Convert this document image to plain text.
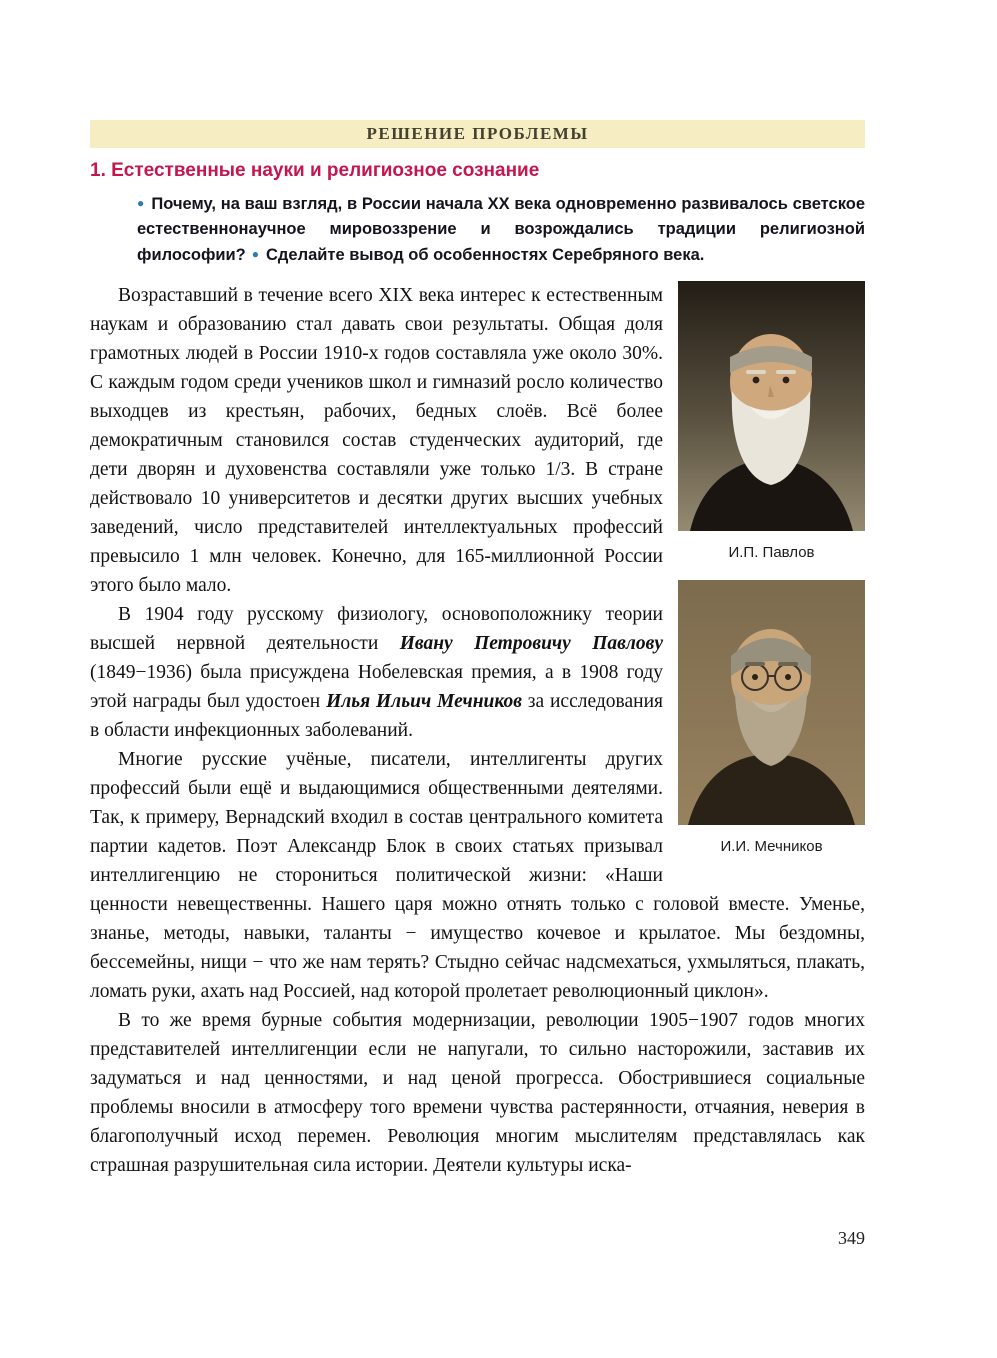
РЕШЕНИЕ ПРОБЛЕМЫ
1. Естественные науки и религиозное сознание

● Почему, на ваш взгляд, в России начала XX века одновременно развивалось светское естественнонаучное мировоззрение и возрождались традиции религиозной философии? ● Сделайте вывод об особенностях Серебряного века.

И.П. Павлов
И.И. Мечников

Возраставший в течение всего XIX века интерес к естественным наукам и образованию стал давать свои результаты. Общая доля грамотных людей в России 1910-х годов составляла уже около 30%. С каждым годом среди учеников школ и гимназий росло количество выходцев из крестьян, рабочих, бедных слоёв. Всё более демократичным становился состав студенческих аудиторий, где дети дворян и духовенства составляли уже только 1/3. В стране действовало 10 университетов и десятки других высших учебных заведений, число представителей интеллектуальных профессий превысило 1 млн человек. Конечно, для 165-миллионной России этого было мало.

В 1904 году русскому физиологу, основоположнику теории высшей нервной деятельности Ивану Петровичу Павлову (1849−1936) была присуждена Нобелевская премия, а в 1908 году этой награды был удостоен Илья Ильич Мечников за исследования в области инфекционных заболеваний.

Многие русские учёные, писатели, интеллигенты других профессий были ещё и выдающимися общественными деятелями. Так, к примеру, Вернадский входил в состав центрального комитета партии кадетов. Поэт Александр Блок в своих статьях призывал интеллигенцию не сторониться политической жизни: «Наши ценности невещественны. Нашего царя можно отнять только с головой вместе. Уменье, знанье, методы, навыки, таланты − имущество кочевое и крылатое. Мы бездомны, бессемейны, нищи − что же нам терять? Стыдно сейчас надсмехаться, ухмыляться, плакать, ломать руки, ахать над Россией, над которой пролетает революционный циклон».

В то же время бурные события модернизации, революции 1905−1907 годов многих представителей интеллигенции если не напугали, то сильно насторожили, заставив их задуматься и над ценностями, и над ценой прогресса. Обострившиеся социальные проблемы вносили в атмосферу того времени чувства растерянности, отчаяния, неверия в благополучный исход перемен. Революция многим мыслителям представлялась как страшная разрушительная сила истории. Деятели культуры иска-

349
